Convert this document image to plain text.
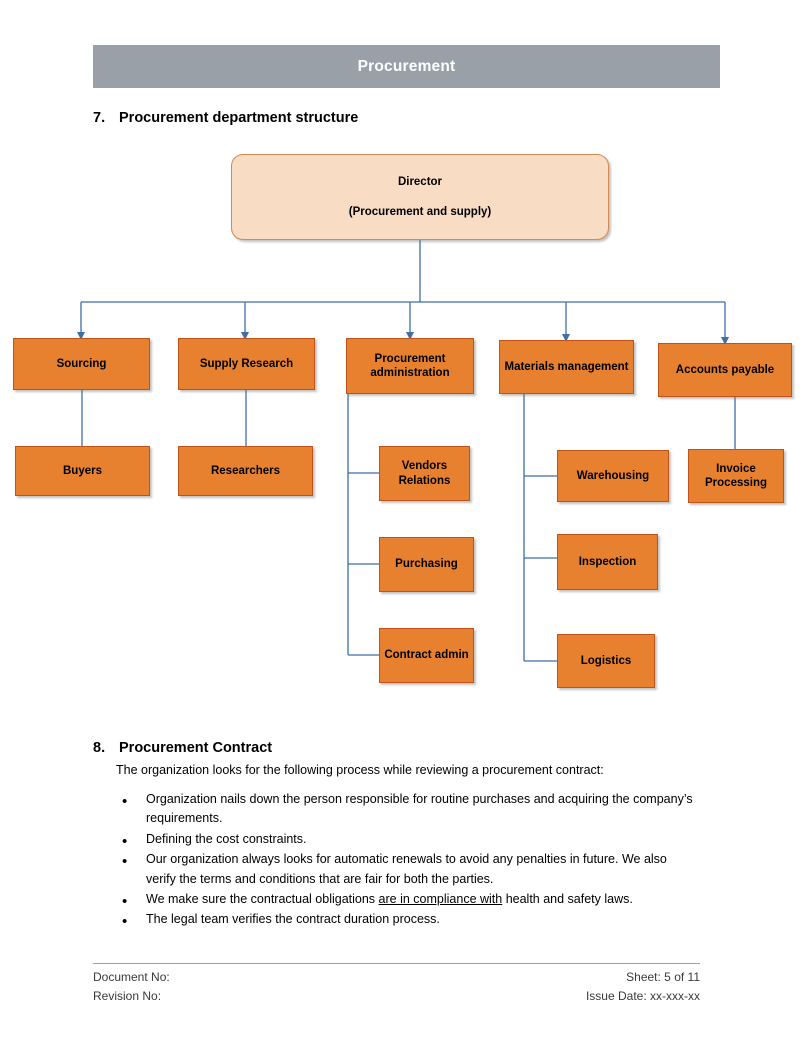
Procurement
7. Procurement department structure
Director
(Procurement and supply)
Sourcing	Supply Research	Procurement administration
Materials management	Accounts payable
Buyers	Researchers	Vendors Relations
Purchasing
Contract admin
Warehousing
Inspection
Logistics
Invoice Processing
8. Procurement Contract
The organization looks for the following process while reviewing a procurement contract:
• Organization nails down the person responsible for routine purchases and acquiring the company’s requirements.
• Defining the cost constraints.
• Our organization always looks for automatic renewals to avoid any penalties in future. We also verify the terms and conditions that are fair for both the parties.
• We make sure the contractual obligations are in compliance with health and safety laws.
• The legal team verifies the contract duration process.
Document No:	Sheet: 5 of 11
Revision No:	Issue Date: xx-xxx-xx
